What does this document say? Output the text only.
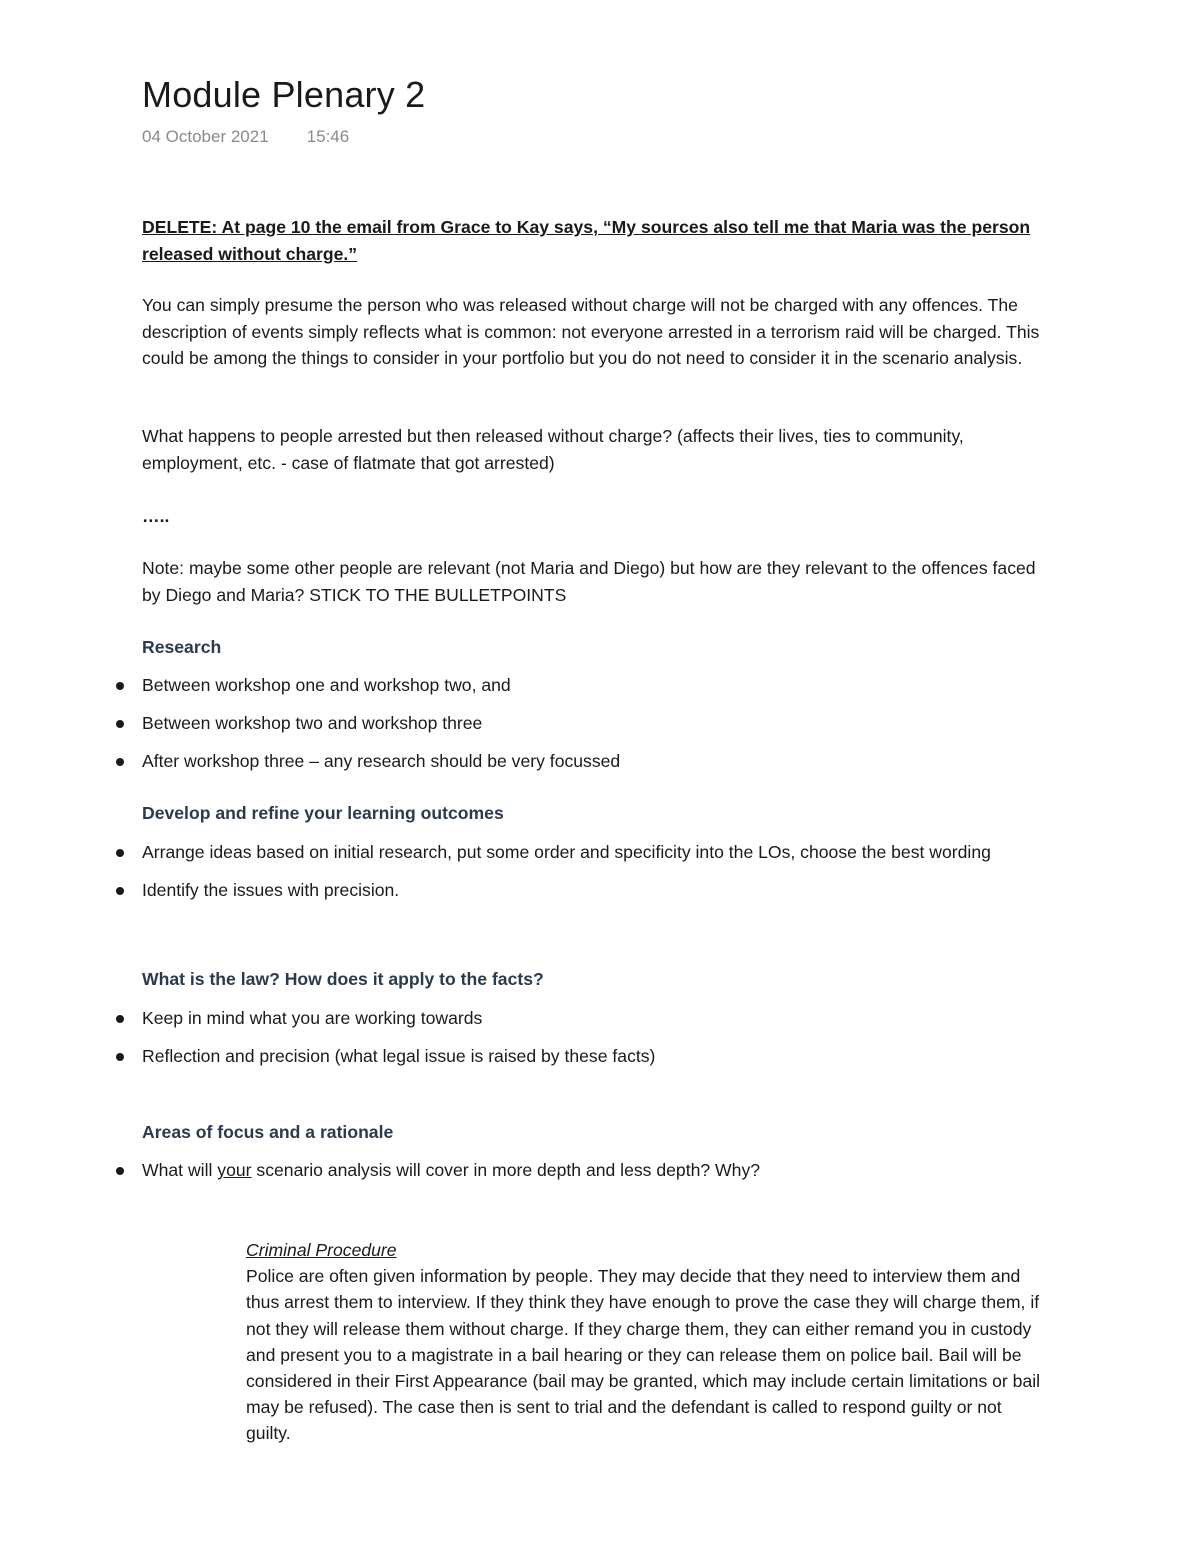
Module Plenary 2
04 October 2021 15:46
DELETE: At page 10 the email from Grace to Kay says, “My sources also tell me that Maria was the person released without charge.”
You can simply presume the person who was released without charge will not be charged with any offences. The description of events simply reflects what is common: not everyone arrested in a terrorism raid will be charged. This could be among the things to consider in your portfolio but you do not need to consider it in the scenario analysis.
What happens to people arrested but then released without charge? (affects their lives, ties to community, employment, etc. - case of flatmate that got arrested)
…..
Note: maybe some other people are relevant (not Maria and Diego) but how are they relevant to the offences faced by Diego and Maria? STICK TO THE BULLETPOINTS
Research
Between workshop one and workshop two, and
Between workshop two and workshop three
After workshop three – any research should be very focussed
Develop and refine your learning outcomes
Arrange ideas based on initial research, put some order and specificity into the LOs, choose the best wording
Identify the issues with precision.
What is the law? How does it apply to the facts?
Keep in mind what you are working towards
Reflection and precision (what legal issue is raised by these facts)
Areas of focus and a rationale
What will your scenario analysis will cover in more depth and less depth? Why?
Criminal Procedure
Police are often given information by people. They may decide that they need to interview them and thus arrest them to interview. If they think they have enough to prove the case they will charge them, if not they will release them without charge. If they charge them, they can either remand you in custody and present you to a magistrate in a bail hearing or they can release them on police bail. Bail will be considered in their First Appearance (bail may be granted, which may include certain limitations or bail may be refused). The case then is sent to trial and the defendant is called to respond guilty or not guilty.
